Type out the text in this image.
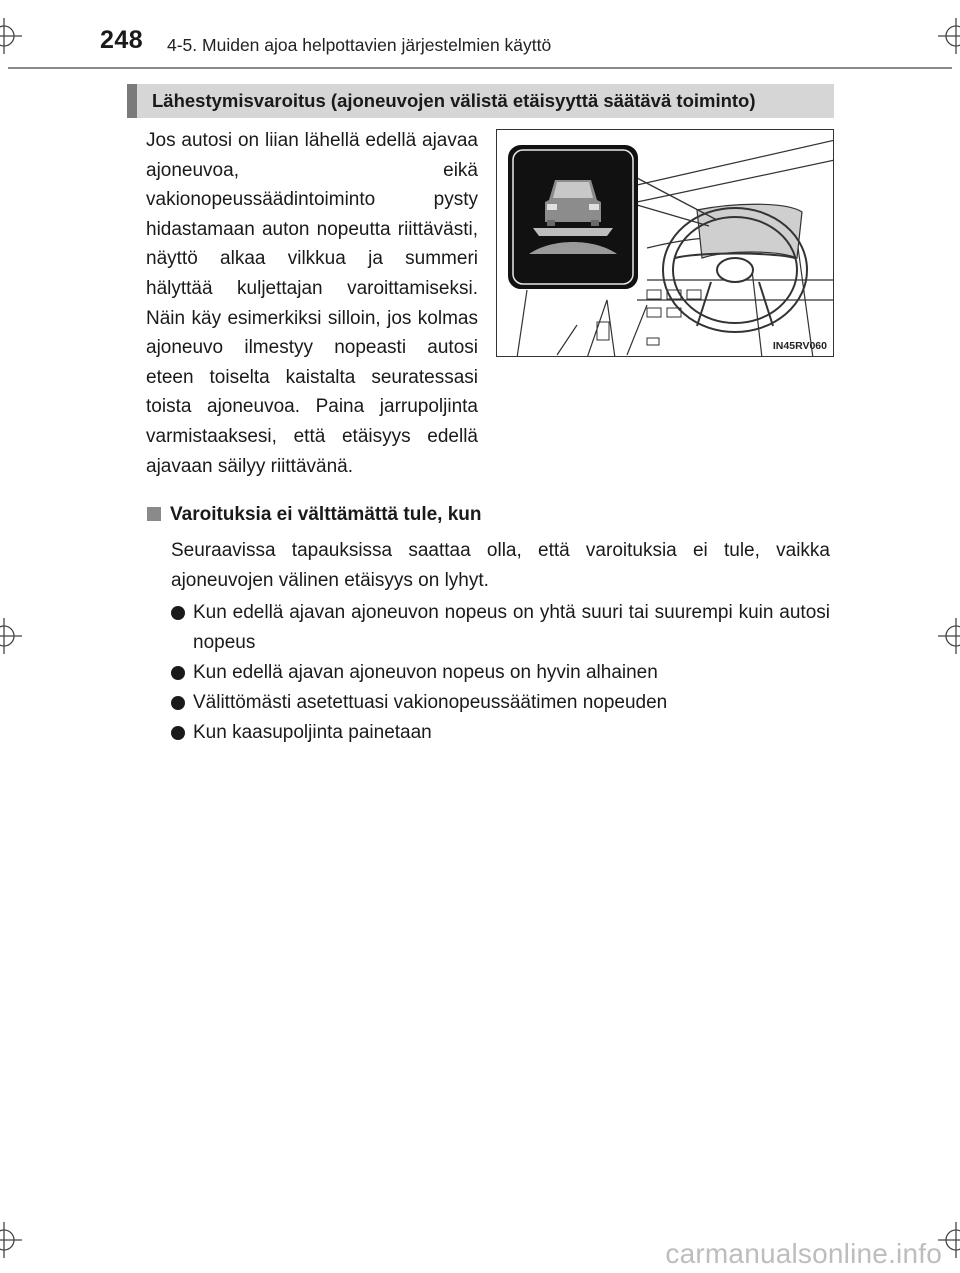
248 4-5. Muiden ajoa helpottavien järjestelmien käyttö
Lähestymisvaroitus (ajoneuvojen välistä etäisyyttä säätävä toiminto)

Jos autosi on liian lähellä edellä ajavaa ajoneuvoa, eikä vakionopeussäädintoiminto pysty hidastamaan auton nopeutta riittävästi, näyttö alkaa vilkkua ja summeri hälyttää kuljettajan varoittamiseksi. Näin käy esimerkiksi silloin, jos kolmas ajoneuvo ilmestyy nopeasti autosi eteen toiselta kaistalta seuratessasi toista ajoneuvoa. Paina jarrupoljinta varmistaaksesi, että etäisyys edellä ajavaan säilyy riittävänä.

IN45RV060
Varoituksia ei välttämättä tule, kun

Seuraavissa tapauksissa saattaa olla, että varoituksia ei tule, vaikka ajoneuvojen välinen etäisyys on lyhyt.

Kun edellä ajavan ajoneuvon nopeus on yhtä suuri tai suurempi kuin autosi nopeus
Kun edellä ajavan ajoneuvon nopeus on hyvin alhainen
Välittömästi asetettuasi vakionopeussäätimen nopeuden
Kun kaasupoljinta painetaan
carmanualsonline.info
